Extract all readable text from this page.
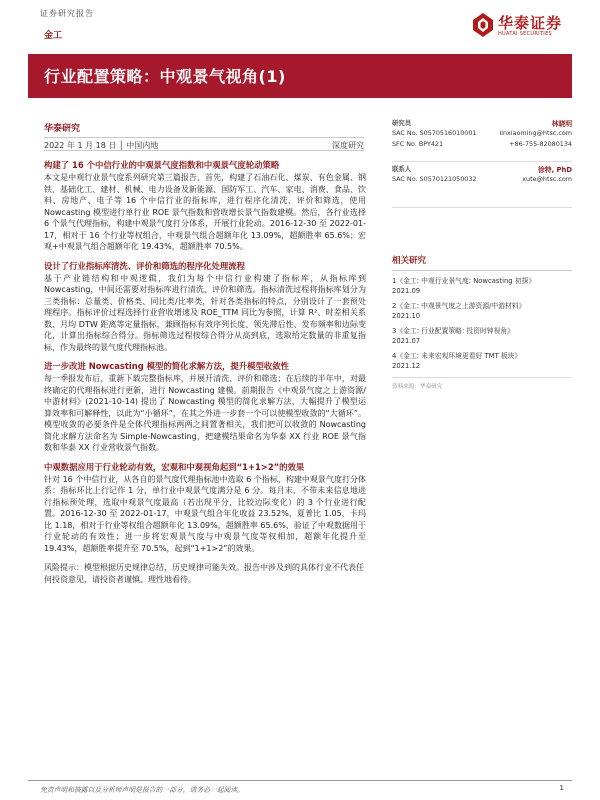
证券研究报告
金工
华泰证券
HUATAI SECURITIES
行业配置策略：中观景气视角(1)
华泰研究
2022 年 1 月 18 日 │ 中国内地	深度研究
构建了 16 个中信行业的中观景气度指数和中观景气度轮动策略
本文是中观行业景气度系列研究第三篇报告，首先，构建了石油石化、煤炭、有色金属、钢铁、基础化工、建材、机械、电力设备及新能源、国防军工、汽车、家电、消费、食品、饮料、房地产、电子等 16 个中信行业的指标库，进行程序化清洗、评价和筛选，使用 Nowcasting 模型进行单行业 ROE 景气指数和营收增长景气指数建模。然后，各行业选择 6 个景气代理指标，构建中观景气度打分体系，开展行业轮动。2016-12-30 至 2022-01-17，相对于 16 个行业等权组合，中观景气组合超额年化 13.09%，超额胜率 65.6%；宏观+中观景气组合超额年化 19.43%，超额胜率 70.5%。
设计了行业指标库清洗、评价和筛选的程序化处理流程
基于产业链结构和中观逻辑，我们为每个中信行业构建了指标库，从指标库到 Nowcasting，中间还需要对指标库进行清洗、评价和筛选。指标清洗过程将指标库划分为三类指标：总量类、价格类、同比类/比率类，针对各类指标的特点，分别设计了一套预处理程序。指标评价过程选择行业营收增速及 ROE_TTM 同比为参照，计算 R²、时差相关系数、月均 DTW 距离等定量指标，兼顾指标有效序列长度、领先滞后性、发布频率和边际变化，计算出指标综合得分。指标筛选过程按综合得分从高到底，选取给定数量的非重复指标，作为最终的景气度代理指标池。
进一步改进 Nowcasting 模型的简化求解方法，提升模型收敛性
每一季报发布后，重新下载完整指标库，并展开清洗、评价和筛选；在后续的半年中，对最终确定的代理指标进行更新，进行 Nowcasting 建模。前期报告《中观景气度之上游资源/中游材料》(2021-10-14) 提出了 Nowcasting 模型的简化求解方法，大幅提升了模型运算效率和可解释性，以此为“小循环”，在其之外进一步套一个可以使模型收敛的“大循环”。模型收敛的必要条件是全体代理指标两两之间置著相关，我们把可以收敛的 Nowcasting 简化求解方法命名为 Simple-Nowcasting，把建模结果命名为华泰 XX 行业 ROE 景气指数和华泰 XX 行业营收景气指数。
中观数据应用于行业轮动有效，宏观和中观视角起到“1+1>2”的效果
针对 16 个中信行业，从各自的景气度代理指标池中选取 6 个指标，构建中观景气度打分体系：指标环比上行记作 1 分，单行业中观景气度满分是 6 分。每月末，不带未来信息地进行指标预处理，选取中观景气度最高（若出现平分，比较边际变化）的 3 个行业进行配置。2016-12-30 至 2022-01-17，中观景气组合年化收益 23.52%，夏普比 1.05，卡玛比 1.18，相对于行业等权组合超额年化 13.09%，超额胜率 65.6%，验证了中观数据用于行业轮动的有效性；进一步将宏观景气度与中观景气度等权相加，超额年化提升至 19.43%，超额胜率提升至 70.5%，起到“1+1>2”的效果。
风险提示：模型根据历史规律总结，历史规律可能失效。报告中涉及到的具体行业不代表任何投资意见，请投资者谨慎、理性地看待。
研究员	林晓明
SAC No. S0570516010001	linxiaoming@htsc.com
SFC No. BPY421	+86-755-82080134
联系人	徐特, PhD
SAC No. S0570121050032	xute@htsc.com
相关研究
1《金工: 中观行业景气度: Nowcasting 初探》
2021.09
2《金工: 中观景气度之上游资源/中游材料》
2021.10
3《金工: 行业配置策略: 投资时钟视角》
2021.07
4《金工: 未来宏观环境更看好 TMT 板块》
2021.12
资料来源：华泰研究
免责声明和披露以及分析师声明是报告的一部分，请务必一起阅读。	1
